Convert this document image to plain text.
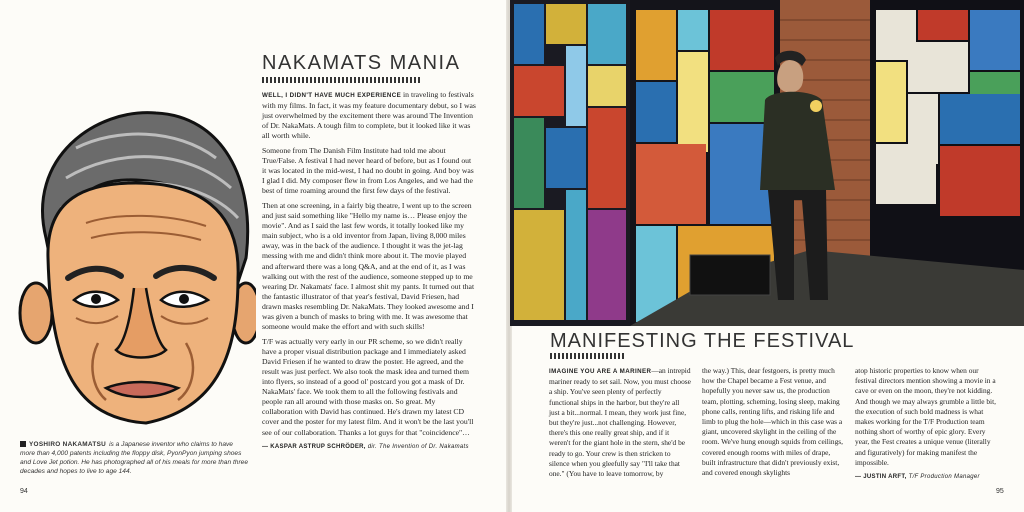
YOSHIRO NAKAMATSU is a Japanese inventor who claims to have more than 4,000 patents including the floppy disk, PyonPyon jumping shoes and Love Jet potion. He has photographed all of his meals for more than three decades and hopes to live to age 144.
NAKAMATS MANIA

WELL, I DIDN'T HAVE MUCH EXPERIENCE in traveling to festivals with my films. In fact, it was my feature documentary debut, so I was just overwhelmed by the excitement there was around The Invention of Dr. NakaMats. A tough film to complete, but it looked like it was all worth while.

Someone from The Danish Film Institute had told me about True/False. A festival I had never heard of before, but as I found out it was located in the mid-west, I had no doubt in going. And boy was I glad I did. My composer flew in from Los Angeles, and we had the best of time roaming around the first few days of the festival.

Then at one screening, in a fairly big theatre, I went up to the screen and just said something like "Hello my name is… Please enjoy the movie". And as I said the last few words, it totally looked like my main subject, who is a old inventor from Japan, living 8,000 miles away, was in the back of the audience. I thought it was the jet-lag messing with me and didn't think more about it. The movie played and afterward there was a long Q&A, and at the end of it, as I was walking out with the rest of the audience, someone stepped up to me wearing Dr. Nakamats' face. I almost shit my pants. It turned out that the fantastic illustrator of that year's festival, David Friesen, had drawn masks resembling Dr. NakaMats. They looked awesome and I was given a bunch of masks to bring with me. It was awesome that someone would make the effort and with such skills!

T/F was actually very early in our PR scheme, so we didn't really have a proper visual distribution package and I immediately asked David Friesen if he wanted to draw the poster. He agreed, and the result was just perfect. We also took the mask idea and turned them into flyers, so instead of a good ol' postcard you got a mask of Dr. NakaMats' face. We took them to all the following festivals and people ran all around with those masks on. So great. My collaboration with David has continued. He's drawn my latest CD cover and the poster for my latest film. And it won't be the last you'll see of our collaboration. Thanks a lot guys for that "coincidence"…

— KASPAR ASTRUP SCHRÖDER, dir. The Invention of Dr. Nakamats

94
MANIFESTING THE FESTIVAL

IMAGINE YOU ARE A MARINER—an intrepid mariner ready to set sail. Now, you must choose a ship. You've seen plenty of perfectly functional ships in the harbor, but they're all just a bit...normal. I mean, they work just fine, but they're just...not challenging. However, there's this one really great ship, and if it weren't for the giant hole in the stern, she'd be ready to go. Your crew is then stricken to silence when you gleefully say "I'll take that one." (You have to leave tomorrow, by

the way.) This, dear festgoers, is pretty much how the Chapel became a Fest venue, and hopefully you never saw us, the production team, plotting, scheming, losing sleep, making phone calls, renting lifts, and risking life and limb to plug the hole—which in this case was a giant, uncovered skylight in the ceiling of the room. We've hung enough squids from ceilings, covered enough rooms with miles of drape, built infrastructure that didn't previously exist, and covered enough skylights

atop historic properties to know when our festival directors mention showing a movie in a cave or even on the moon, they're not kidding. And though we may always grumble a little bit, the execution of such bold madness is what makes working for the T/F Production team nothing short of worthy of epic glory. Every year, the Fest creates a unique venue (literally and figuratively) for making manifest the impossible.

— JUSTIN ARFT, T/F Production Manager

95
